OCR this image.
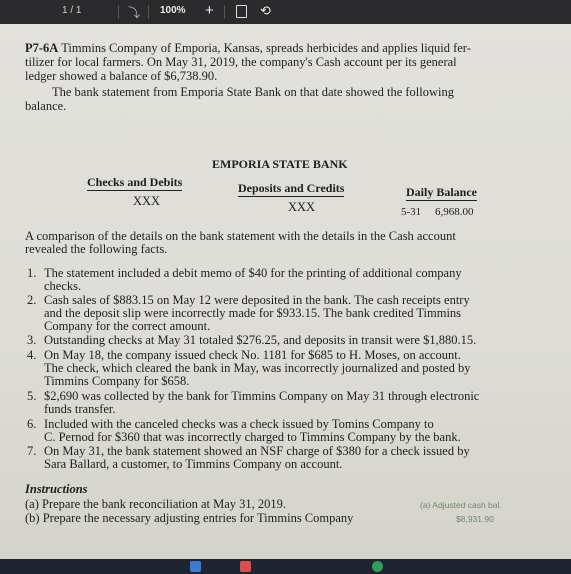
1 / 1	⤵ 100% +	⟲
P7-6A Timmins Company of Emporia, Kansas, spreads herbicides and applies liquid fer-
tilizer for local farmers. On May 31, 2019, the company's Cash account per its general
ledger showed a balance of $6,738.90.
The bank statement from Emporia State Bank on that date showed the following
balance.
EMPORIA STATE BANK
Checks and Debits
XXX
Deposits and Credits
XXX
Daily Balance
5-31 6,968.00
A comparison of the details on the bank statement with the details in the Cash account
revealed the following facts.
1. The statement included a debit memo of $40 for the printing of additional company
checks.
2. Cash sales of $883.15 on May 12 were deposited in the bank. The cash receipts entry
and the deposit slip were incorrectly made for $933.15. The bank credited Timmins
Company for the correct amount.
3. Outstanding checks at May 31 totaled $276.25, and deposits in transit were $1,880.15.
4. On May 18, the company issued check No. 1181 for $685 to H. Moses, on account.
The check, which cleared the bank in May, was incorrectly journalized and posted by
Timmins Company for $658.
5. $2,690 was collected by the bank for Timmins Company on May 31 through electronic
funds transfer.
6. Included with the canceled checks was a check issued by Tomins Company to
C. Pernod for $360 that was incorrectly charged to Timmins Company by the bank.
7. On May 31, the bank statement showed an NSF charge of $380 for a check issued by
Sara Ballard, a customer, to Timmins Company on account.
Instructions
(a) Prepare the bank reconciliation at May 31, 2019.
(b) Prepare the necessary adjusting entries for Timmins Company
(a) Adjusted cash bal.
$8,931.90
